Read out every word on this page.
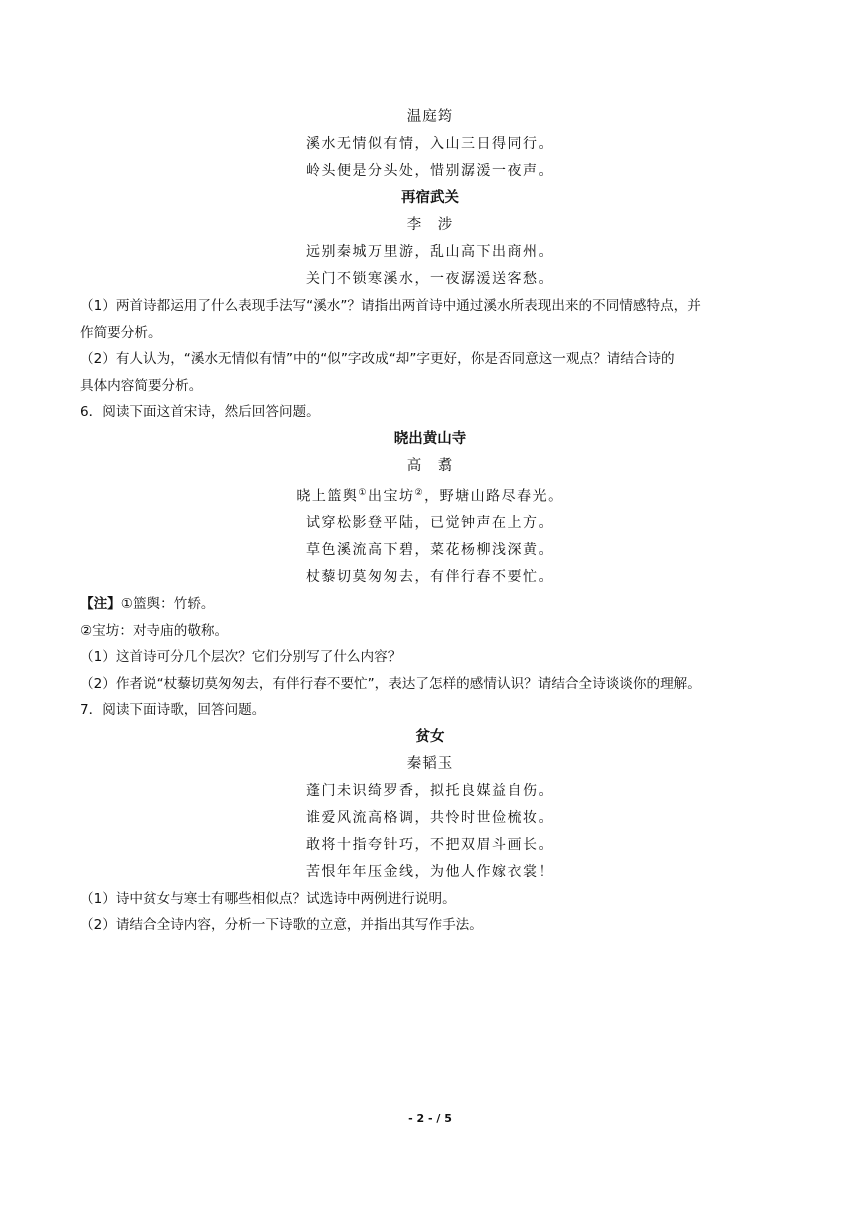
温庭筠
溪水无情似有情，入山三日得同行。
岭头便是分头处，惜别潺湲一夜声。
再宿武关
李　涉
远别秦城万里游，乱山高下出商州。
关门不锁寒溪水，一夜潺湲送客愁。
（1）两首诗都运用了什么表现手法写“溪水”？请指出两首诗中通过溪水所表现出来的不同情感特点，并
作简要分析。
（2）有人认为，“溪水无情似有情”中的“似”字改成“却”字更好，你是否同意这一观点？请结合诗的
具体内容简要分析。
6．阅读下面这首宋诗，然后回答问题。
晓出黄山寺
高　翥
晓上篮舆①出宝坊②，野塘山路尽春光。
试穿松影登平陆，已觉钟声在上方。
草色溪流高下碧，菜花杨柳浅深黄。
杖藜切莫匆匆去，有伴行春不要忙。
【注】①篮舆：竹轿。
②宝坊：对寺庙的敬称。
（1）这首诗可分几个层次？它们分别写了什么内容？
（2）作者说“杖藜切莫匆匆去，有伴行春不要忙”，表达了怎样的感情认识？请结合全诗谈谈你的理解。
7．阅读下面诗歌，回答问题。
贫女
秦韬玉
蓬门未识绮罗香，拟托良媒益自伤。
谁爱风流高格调，共怜时世俭梳妆。
敢将十指夸针巧，不把双眉斗画长。
苦恨年年压金线，为他人作嫁衣裳！
（1）诗中贫女与寒士有哪些相似点？试选诗中两例进行说明。
（2）请结合全诗内容，分析一下诗歌的立意，并指出其写作手法。
- 2 - / 5
